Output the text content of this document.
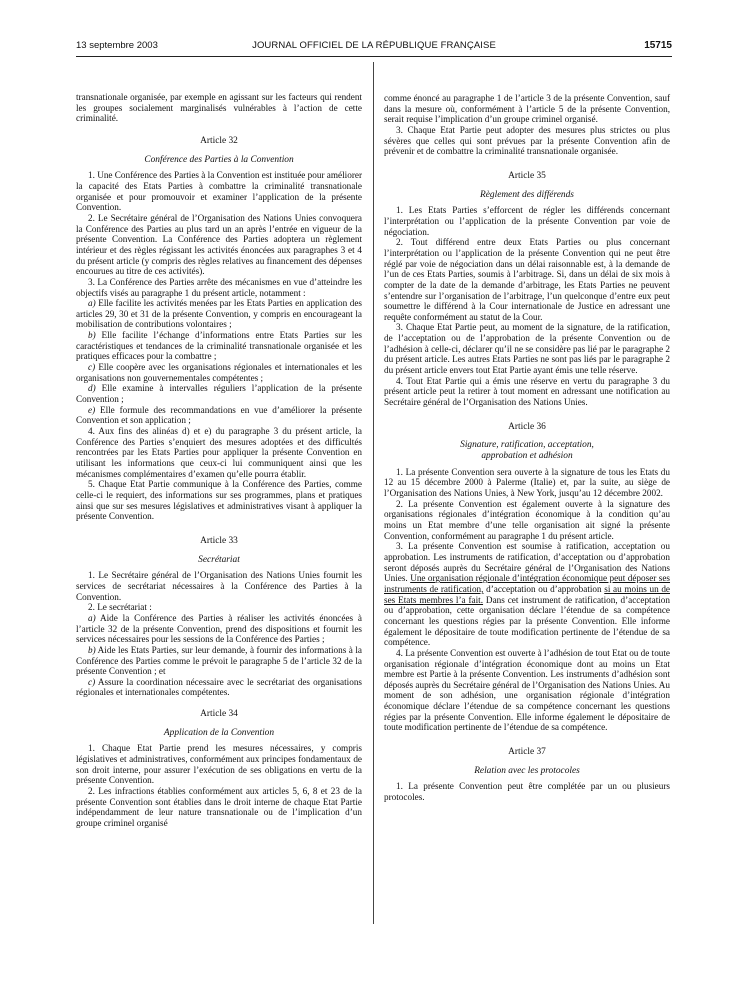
13 septembre 2003	JOURNAL OFFICIEL DE LA RÉPUBLIQUE FRANÇAISE	15715

transnationale organisée, par exemple en agissant sur les facteurs qui rendent les groupes socialement marginalisés vulnérables à l’action de cette criminalité.

Article 32
Conférence des Parties à la Convention

1. Une Conférence des Parties à la Convention est instituée pour améliorer la capacité des Etats Parties à combattre la criminalité transnationale organisée et pour promouvoir et examiner l’application de la présente Convention.

2. Le Secrétaire général de l’Organisation des Nations Unies convoquera la Conférence des Parties au plus tard un an après l’entrée en vigueur de la présente Convention. La Conférence des Parties adoptera un règlement intérieur et des règles régissant les activités énoncées aux paragraphes 3 et 4 du présent article (y compris des règles relatives au financement des dépenses encourues au titre de ces activités).

3. La Conférence des Parties arrête des mécanismes en vue d’atteindre les objectifs visés au paragraphe 1 du présent article, notamment :

a) Elle facilite les activités menées par les Etats Parties en application des articles 29, 30 et 31 de la présente Convention, y compris en encourageant la mobilisation de contributions volontaires ;

b) Elle facilite l’échange d’informations entre Etats Parties sur les caractéristiques et tendances de la criminalité transnationale organisée et les pratiques efficaces pour la combattre ;

c) Elle coopère avec les organisations régionales et internationales et les organisations non gouvernementales compétentes ;

d) Elle examine à intervalles réguliers l’application de la présente Convention ;

e) Elle formule des recommandations en vue d’améliorer la présente Convention et son application ;

4. Aux fins des alinéas d) et e) du paragraphe 3 du présent article, la Conférence des Parties s’enquiert des mesures adoptées et des difficultés rencontrées par les Etats Parties pour appliquer la présente Convention en utilisant les informations que ceux-ci lui communiquent ainsi que les mécanismes complémentaires d’examen qu’elle pourra établir.

5. Chaque Etat Partie communique à la Conférence des Parties, comme celle-ci le requiert, des informations sur ses programmes, plans et pratiques ainsi que sur ses mesures législatives et administratives visant à appliquer la présente Convention.

Article 33
Secrétariat

1. Le Secrétaire général de l’Organisation des Nations Unies fournit les services de secrétariat nécessaires à la Conférence des Parties à la Convention.

2. Le secrétariat :

a) Aide la Conférence des Parties à réaliser les activités énoncées à l’article 32 de la présente Convention, prend des dispositions et fournit les services nécessaires pour les sessions de la Conférence des Parties ;

b) Aide les Etats Parties, sur leur demande, à fournir des informations à la Conférence des Parties comme le prévoit le paragraphe 5 de l’article 32 de la présente Convention ; et

c) Assure la coordination nécessaire avec le secrétariat des organisations régionales et internationales compétentes.

Article 34
Application de la Convention

1. Chaque Etat Partie prend les mesures nécessaires, y compris législatives et administratives, conformément aux principes fondamentaux de son droit interne, pour assurer l’exécution de ses obligations en vertu de la présente Convention.

2. Les infractions établies conformément aux articles 5, 6, 8 et 23 de la présente Convention sont établies dans le droit interne de chaque Etat Partie indépendamment de leur nature transnationale ou de l’implication d’un groupe criminel organisé

comme énoncé au paragraphe 1 de l’article 3 de la présente Convention, sauf dans la mesure où, conformément à l’article 5 de la présente Convention, serait requise l’implication d’un groupe criminel organisé.

3. Chaque Etat Partie peut adopter des mesures plus strictes ou plus sévères que celles qui sont prévues par la présente Convention afin de prévenir et de combattre la criminalité transnationale organisée.

Article 35
Règlement des différends

1. Les Etats Parties s’efforcent de régler les différends concernant l’interprétation ou l’application de la présente Convention par voie de négociation.

2. Tout différend entre deux Etats Parties ou plus concernant l’interprétation ou l’application de la présente Convention qui ne peut être réglé par voie de négociation dans un délai raisonnable est, à la demande de l’un de ces Etats Parties, soumis à l’arbitrage. Si, dans un délai de six mois à compter de la date de la demande d’arbitrage, les Etats Parties ne peuvent s’entendre sur l’organisation de l’arbitrage, l’un quelconque d’entre eux peut soumettre le différend à la Cour internationale de Justice en adressant une requête conformément au statut de la Cour.

3. Chaque Etat Partie peut, au moment de la signature, de la ratification, de l’acceptation ou de l’approbation de la présente Convention ou de l’adhésion à celle-ci, déclarer qu’il ne se considère pas lié par le paragraphe 2 du présent article. Les autres Etats Parties ne sont pas liés par le paragraphe 2 du présent article envers tout Etat Partie ayant émis une telle réserve.

4. Tout Etat Partie qui a émis une réserve en vertu du paragraphe 3 du présent article peut la retirer à tout moment en adressant une notification au Secrétaire général de l’Organisation des Nations Unies.

Article 36
Signature, ratification, acceptation,
approbation et adhésion

1. La présente Convention sera ouverte à la signature de tous les Etats du 12 au 15 décembre 2000 à Palerme (Italie) et, par la suite, au siège de l’Organisation des Nations Unies, à New York, jusqu’au 12 décembre 2002.

2. La présente Convention est également ouverte à la signature des organisations régionales d’intégration économique à la condition qu’au moins un Etat membre d’une telle organisation ait signé la présente Convention, conformément au paragraphe 1 du présent article.

3. La présente Convention est soumise à ratification, acceptation ou approbation. Les instruments de ratification, d’acceptation ou d’approbation seront déposés auprès du Secrétaire général de l’Organisation des Nations Unies. Une organisation régionale d’intégration économique peut déposer ses instruments de ratification, d’acceptation ou d’approbation si au moins un de ses Etats membres l’a fait. Dans cet instrument de ratification, d’acceptation ou d’approbation, cette organisation déclare l’étendue de sa compétence concernant les questions régies par la présente Convention. Elle informe également le dépositaire de toute modification pertinente de l’étendue de sa compétence.

4. La présente Convention est ouverte à l’adhésion de tout Etat ou de toute organisation régionale d’intégration économique dont au moins un Etat membre est Partie à la présente Convention. Les instruments d’adhésion sont déposés auprès du Secrétaire général de l’Organisation des Nations Unies. Au moment de son adhésion, une organisation régionale d’intégration économique déclare l’étendue de sa compétence concernant les questions régies par la présente Convention. Elle informe également le dépositaire de toute modification pertinente de l’étendue de sa compétence.

Article 37
Relation avec les protocoles

1. La présente Convention peut être complétée par un ou plusieurs protocoles.
